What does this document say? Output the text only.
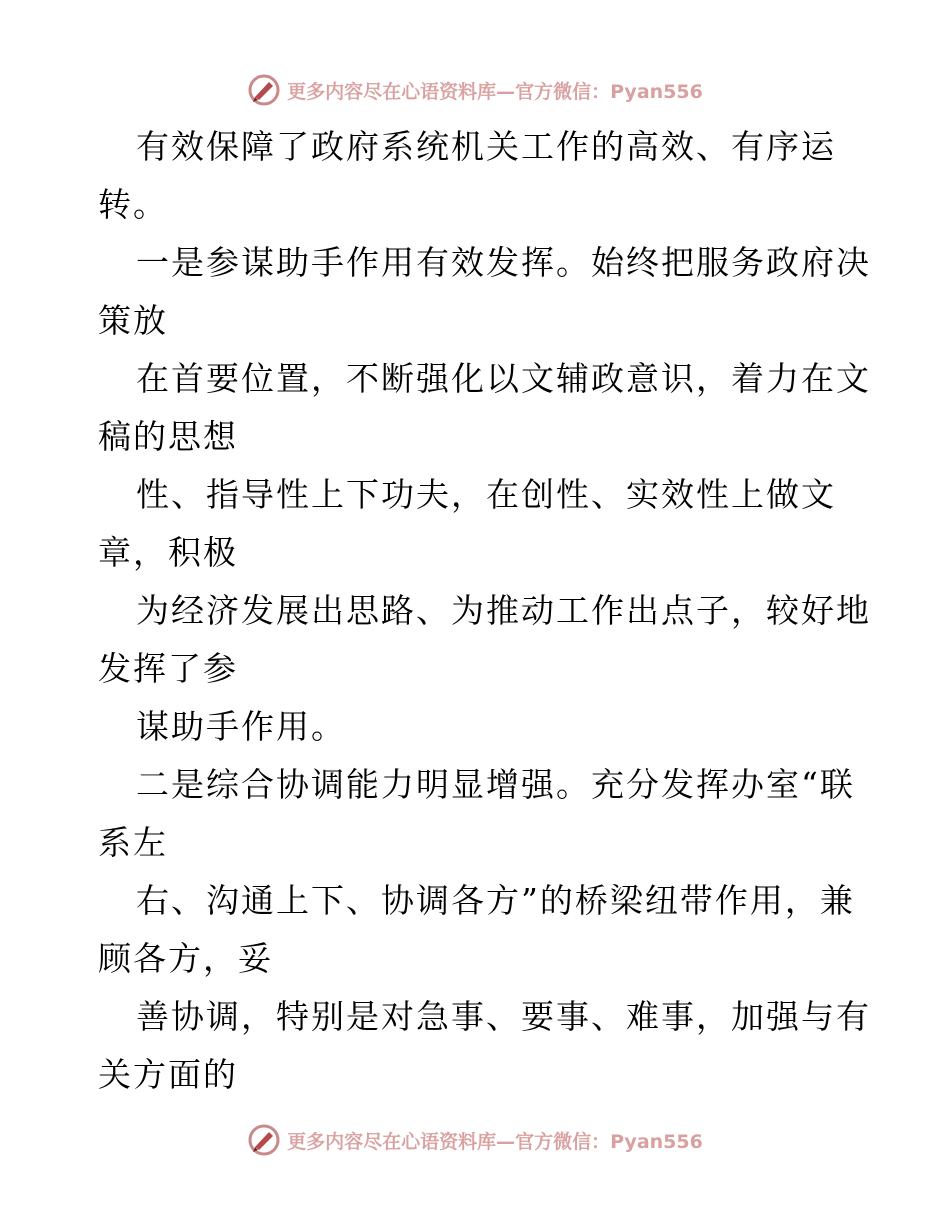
更多内容尽在心语资料库—官方微信：Pyan556
有效保障了政府系统机关工作的高效、有序运
转。
一是参谋助手作用有效发挥。始终把服务政府决
策放
在首要位置，不断强化以文辅政意识，着力在文
稿的思想
性、指导性上下功夫，在创性、实效性上做文
章，积极
为经济发展出思路、为推动工作出点子，较好地
发挥了参
谋助手作用。
二是综合协调能力明显增强。充分发挥办室“联
系左
右、沟通上下、协调各方”的桥梁纽带作用，兼
顾各方，妥
善协调，特别是对急事、要事、难事，加强与有
关方面的
更多内容尽在心语资料库—官方微信：Pyan556
